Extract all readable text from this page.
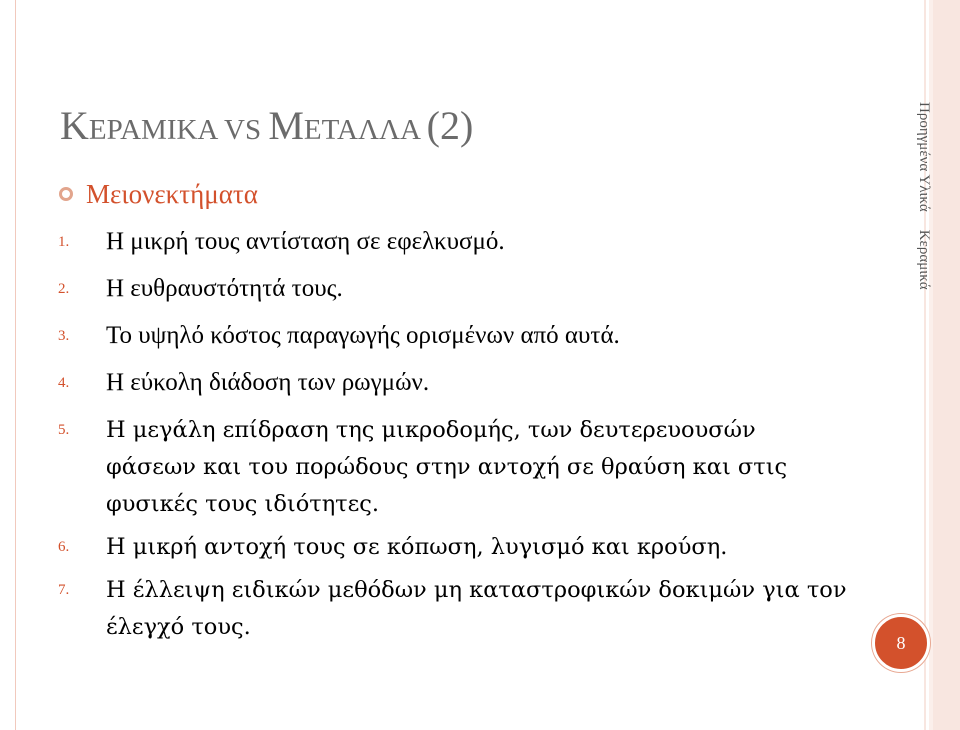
ΚΕΡΑΜΙΚΑ VS ΜΕΤΑΛΛΑ (2)
Μειονεκτήματα
1. Η μικρή τους αντίσταση σε εφελκυσμό.
2. Η ευθραυστότητά τους.
3. Το υψηλό κόστος παραγωγής ορισμένων από αυτά.
4. Η εύκολη διάδοση των ρωγμών.
5. Η μεγάλη επίδραση της μικροδομής, των δευτερευουσών φάσεων και του πορώδους στην αντοχή σε θραύση και στις φυσικές τους ιδιότητες.
6. Η μικρή αντοχή τους σε κόπωση, λυγισμό και κρούση.
7. Η έλλειψη ειδικών μεθόδων μη καταστροφικών δοκιμών για τον έλεγχό τους.
Προηγμένα ΥλικάΚεραμικά
8
